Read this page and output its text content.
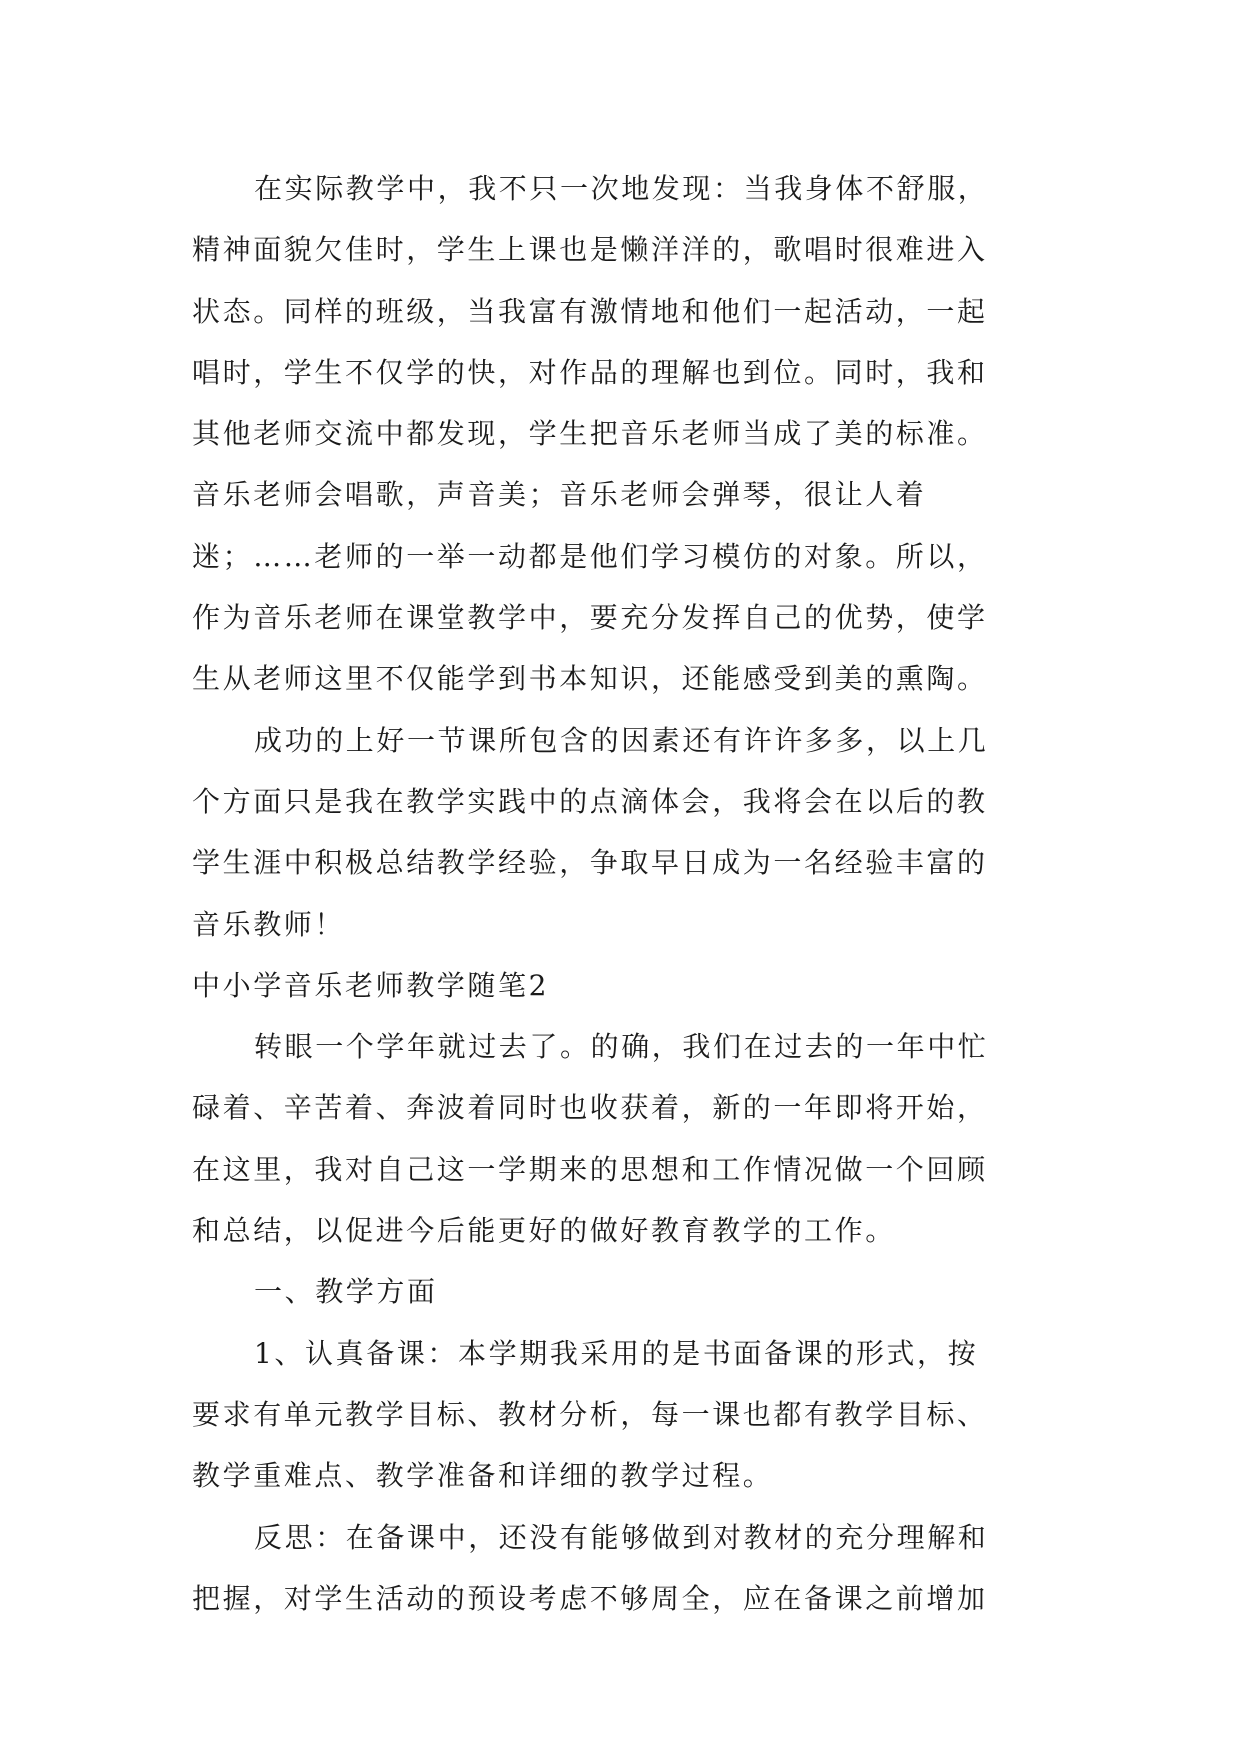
在实际教学中，我不只一次地发现：当我身体不舒服，
精神面貌欠佳时，学生上课也是懒洋洋的，歌唱时很难进入
状态。同样的班级，当我富有激情地和他们一起活动，一起
唱时，学生不仅学的快，对作品的理解也到位。同时，我和
其他老师交流中都发现，学生把音乐老师当成了美的标准。
音乐老师会唱歌，声音美；音乐老师会弹琴，很让人着
迷；……老师的一举一动都是他们学习模仿的对象。所以，
作为音乐老师在课堂教学中，要充分发挥自己的优势，使学
生从老师这里不仅能学到书本知识，还能感受到美的熏陶。
成功的上好一节课所包含的因素还有许许多多，以上几
个方面只是我在教学实践中的点滴体会，我将会在以后的教
学生涯中积极总结教学经验，争取早日成为一名经验丰富的
音乐教师！
中小学音乐老师教学随笔2
转眼一个学年就过去了。的确，我们在过去的一年中忙
碌着、辛苦着、奔波着同时也收获着，新的一年即将开始，
在这里，我对自己这一学期来的思想和工作情况做一个回顾
和总结，以促进今后能更好的做好教育教学的工作。
一、教学方面
1、认真备课：本学期我采用的是书面备课的形式，按
要求有单元教学目标、教材分析，每一课也都有教学目标、
教学重难点、教学准备和详细的教学过程。
反思：在备课中，还没有能够做到对教材的充分理解和
把握，对学生活动的预设考虑不够周全，应在备课之前增加
